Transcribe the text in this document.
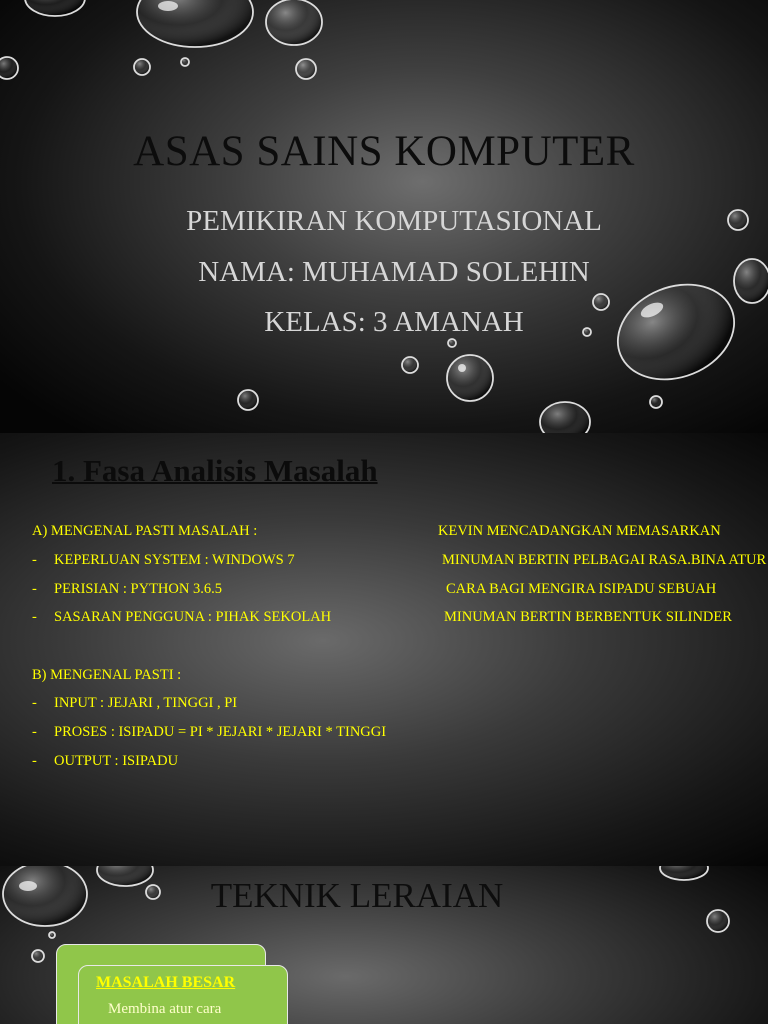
ASAS SAINS KOMPUTER
PEMIKIRAN KOMPUTASIONAL
NAMA: MUHAMAD SOLEHIN
KELAS: 3 AMANAH
1. Fasa Analisis Masalah
A) MENGENAL PASTI MASALAH :
- KEPERLUAN SYSTEM : WINDOWS 7
- PERISIAN : PYTHON 3.6.5
- SASARAN PENGGUNA : PIHAK SEKOLAH
KEVIN MENCADANGKAN MEMASARKAN
MINUMAN BERTIN PELBAGAI RASA.BINA ATUR
CARA BAGI MENGIRA ISIPADU SEBUAH
MINUMAN BERTIN BERBENTUK SILINDER
B) MENGENAL PASTI :
- INPUT : JEJARI , TINGGI , PI
- PROSES : ISIPADU = PI * JEJARI * JEJARI * TINGGI
- OUTPUT : ISIPADU
TEKNIK LERAIAN
MASALAH BESAR
Membina atur cara
